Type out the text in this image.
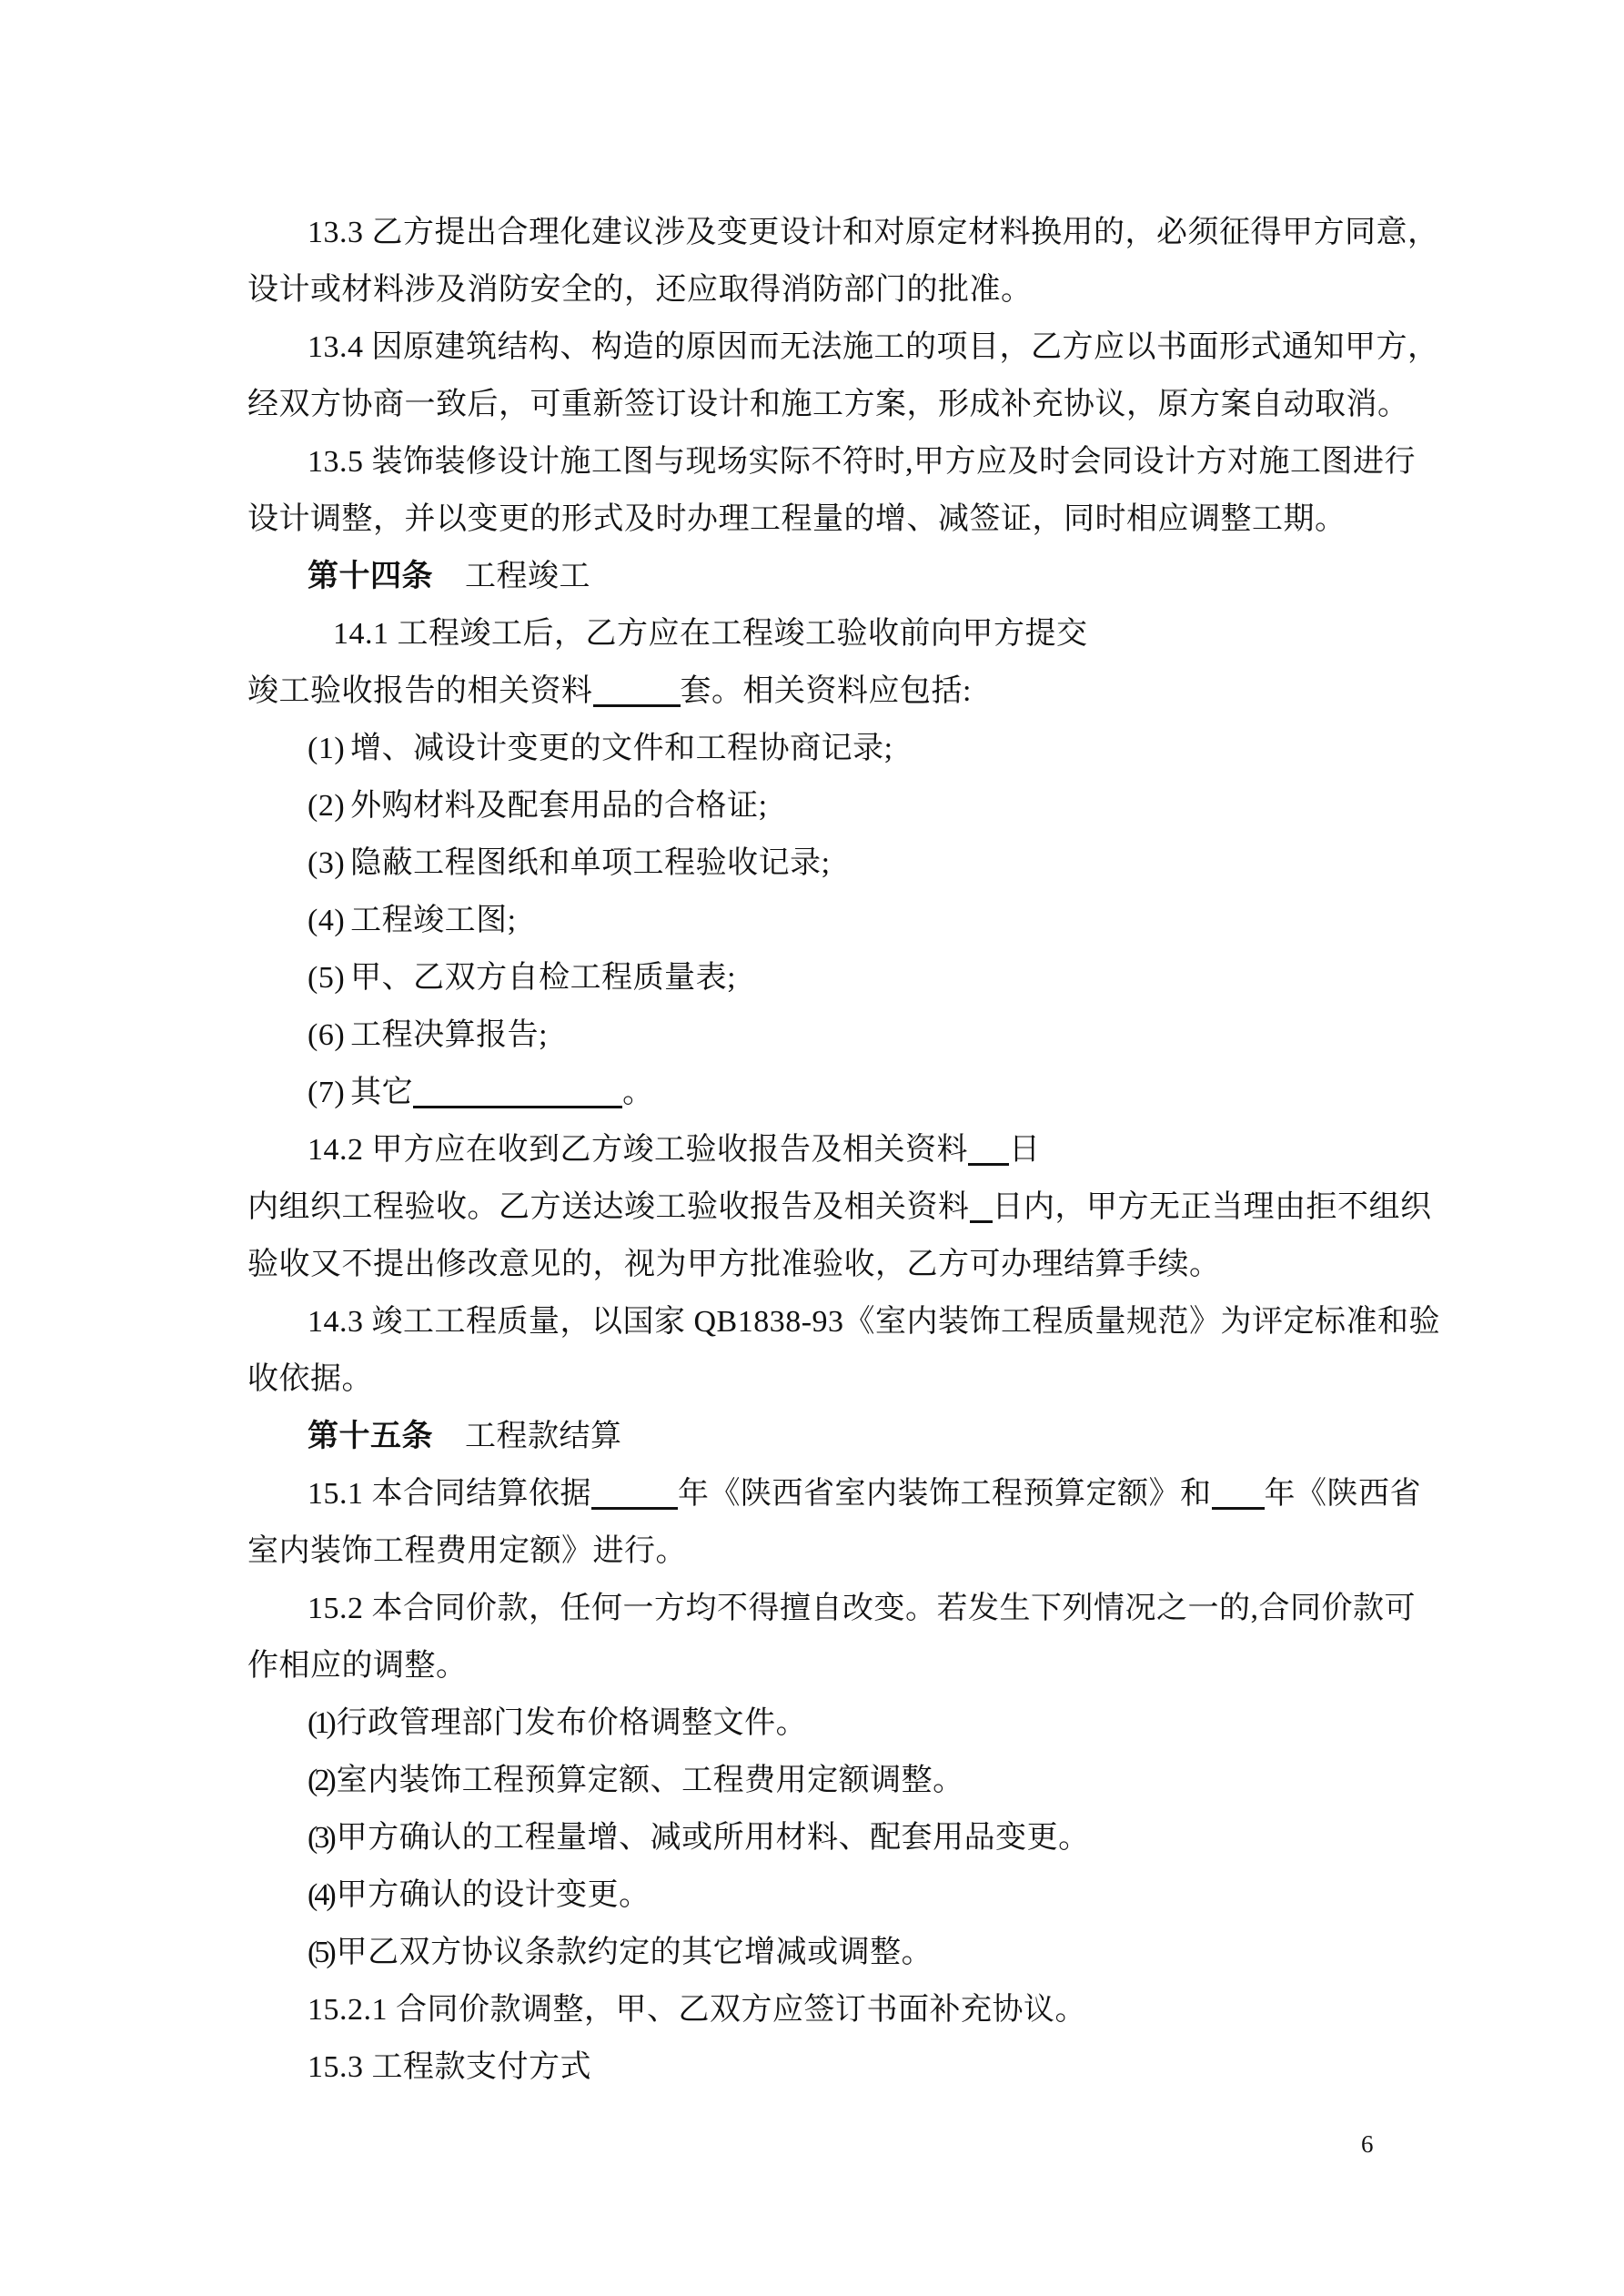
13.3 乙方提出合理化建议涉及变更设计和对原定材料换用的，必须征得甲方同意，
设计或材料涉及消防安全的，还应取得消防部门的批准。
13.4 因原建筑结构、构造的原因而无法施工的项目，乙方应以书面形式通知甲方，
经双方协商一致后，可重新签订设计和施工方案，形成补充协议，原方案自动取消。
13.5 装饰装修设计施工图与现场实际不符时,甲方应及时会同设计方对施工图进行
设计调整，并以变更的形式及时办理工程量的增、减签证，同时相应调整工期。
第十四条 工程竣工
14.1 工程竣工后，乙方应在工程竣工验收前向甲方提交
竣工验收报告的相关资料	套。相关资料应包括:
(1) 增、减设计变更的文件和工程协商记录;
(2) 外购材料及配套用品的合格证;
(3) 隐蔽工程图纸和单项工程验收记录;
(4) 工程竣工图;
(5) 甲、乙双方自检工程质量表;
(6) 工程决算报告;
(7) 其它	。
14.2 甲方应在收到乙方竣工验收报告及相关资料 日
内组织工程验收。乙方送达竣工验收报告及相关资料 日内，甲方无正当理由拒不组织
验收又不提出修改意见的，视为甲方批准验收，乙方可办理结算手续。
14.3 竣工工程质量，以国家 QB1838-93《室内装饰工程质量规范》为评定标准和验
收依据。
第十五条 工程款结算
15.1 本合同结算依据	年《陕西省室内装饰工程预算定额》和 年《陕西省
室内装饰工程费用定额》进行。
15.2 本合同价款，任何一方均不得擅自改变。若发生下列情况之一的,合同价款可
作相应的调整。
(1) 行政管理部门发布价格调整文件。
(2) 室内装饰工程预算定额、工程费用定额调整。
(3) 甲方确认的工程量增、减或所用材料、配套用品变更。
(4) 甲方确认的设计变更。
(5) 甲乙双方协议条款约定的其它增减或调整。
15.2.1 合同价款调整，甲、乙双方应签订书面补充协议。
15.3 工程款支付方式
6
